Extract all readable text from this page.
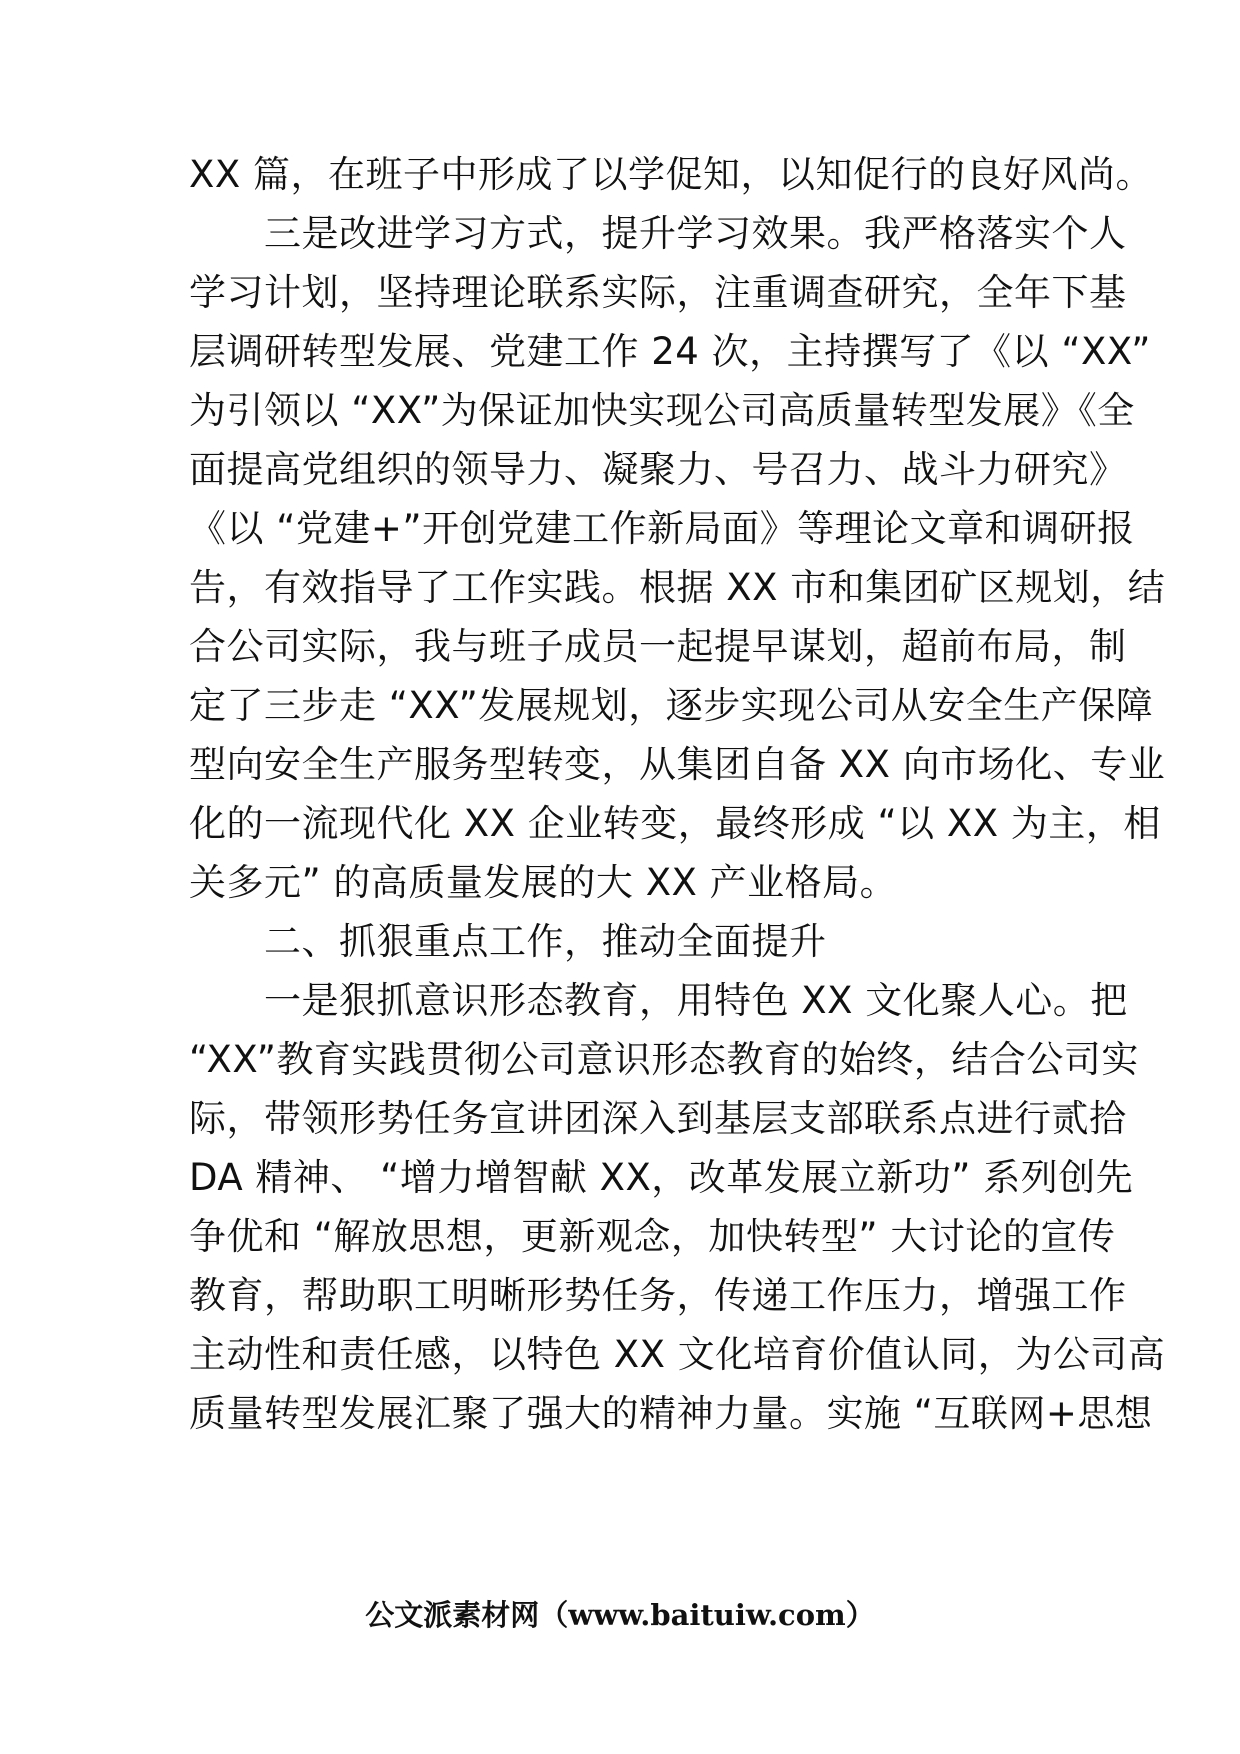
XX 篇，在班子中形成了以学促知，以知促行的良好风尚。
　　三是改进学习方式，提升学习效果。我严格落实个人
学习计划，坚持理论联系实际，注重调查研究，全年下基
层调研转型发展、党建工作 24 次，主持撰写了《以 “XX”
为引领以 “XX”为保证加快实现公司高质量转型发展》《全
面提高党组织的领导力、凝聚力、号召力、战斗力研究》
《以 “党建+”开创党建工作新局面》等理论文章和调研报
告，有效指导了工作实践。根据 XX 市和集团矿区规划，结
合公司实际，我与班子成员一起提早谋划，超前布局，制
定了三步走 “XX”发展规划，逐步实现公司从安全生产保障
型向安全生产服务型转变，从集团自备 XX 向市场化、专业
化的一流现代化 XX 企业转变，最终形成 “以 XX 为主，相
关多元” 的高质量发展的大 XX 产业格局。
　　二、抓狠重点工作，推动全面提升
　　一是狠抓意识形态教育，用特色 XX 文化聚人心。把
“XX”教育实践贯彻公司意识形态教育的始终，结合公司实
际，带领形势任务宣讲团深入到基层支部联系点进行贰拾
DA 精神、 “增力增智献 XX，改革发展立新功” 系列创先
争优和 “解放思想，更新观念，加快转型” 大讨论的宣传
教育，帮助职工明晰形势任务，传递工作压力，增强工作
主动性和责任感，以特色 XX 文化培育价值认同，为公司高
质量转型发展汇聚了强大的精神力量。实施 “互联网+思想
公文派素材网（www.baituiw.com）
